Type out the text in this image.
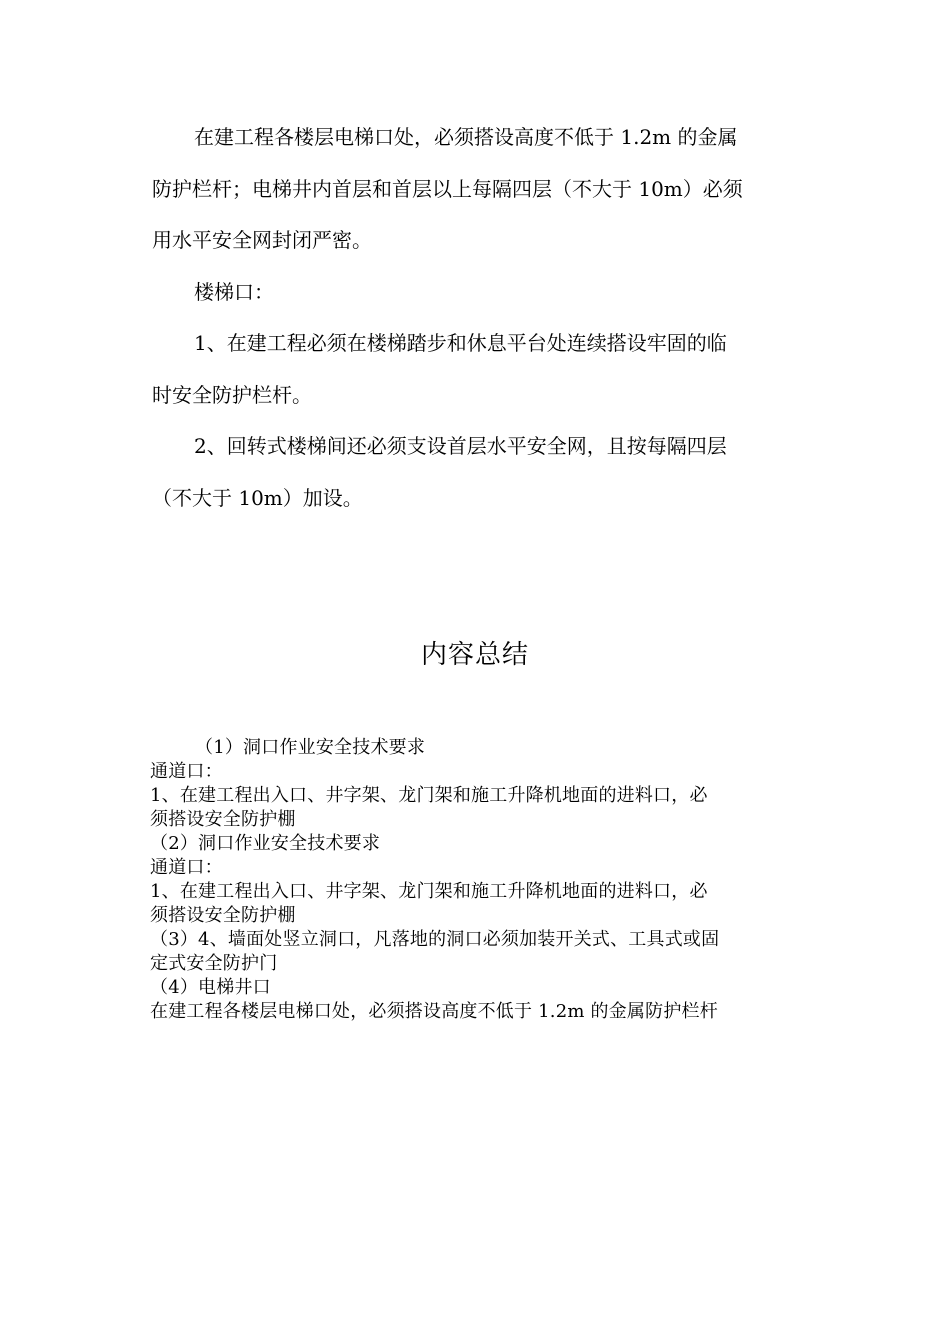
在建工程各楼层电梯口处，必须搭设高度不低于 1.2m 的金属
防护栏杆；电梯井内首层和首层以上每隔四层（不大于 10m）必须
用水平安全网封闭严密。
楼梯口：
1、在建工程必须在楼梯踏步和休息平台处连续搭设牢固的临
时安全防护栏杆。
2、回转式楼梯间还必须支设首层水平安全网，且按每隔四层
（不大于 10m）加设。
内容总结
（1）洞口作业安全技术要求
通道口：
1、在建工程出入口、井字架、龙门架和施工升降机地面的进料口，必
须搭设安全防护棚
（2）洞口作业安全技术要求
通道口：
1、在建工程出入口、井字架、龙门架和施工升降机地面的进料口，必
须搭设安全防护棚
（3）4、墙面处竖立洞口，凡落地的洞口必须加装开关式、工具式或固
定式安全防护门
（4）电梯井口
在建工程各楼层电梯口处，必须搭设高度不低于 1.2m 的金属防护栏杆
